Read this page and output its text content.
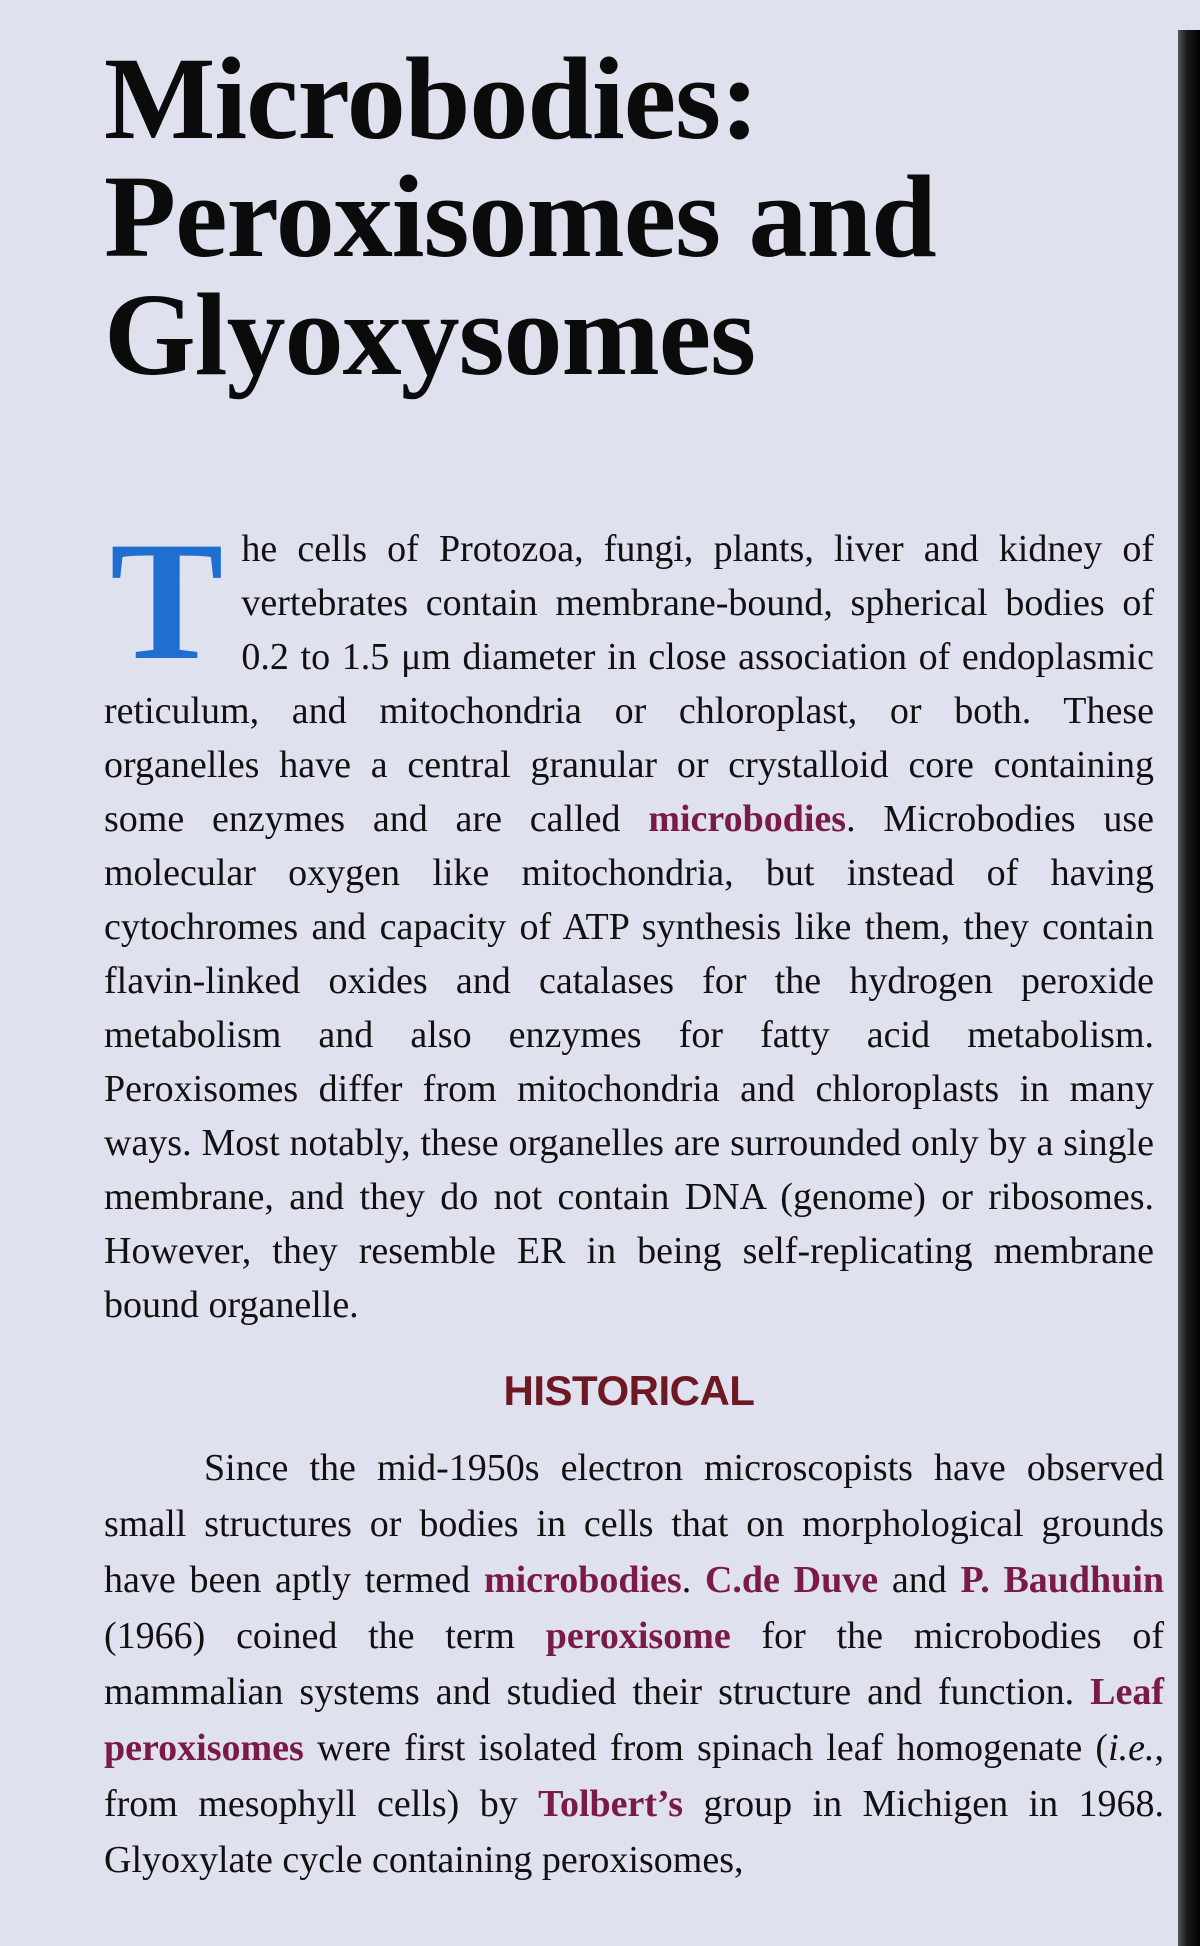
Microbodies:
Peroxisomes and
Glyoxysomes
The cells of Protozoa, fungi, plants, liver and kidney of vertebrates contain membrane-bound, spherical bodies of 0.2 to 1.5 μm diameter in close association of endoplasmic reticulum, and mitochondria or chloroplast, or both. These organelles have a central granular or crystalloid core containing some enzymes and are called microbodies. Microbodies use molecular oxygen like mitochondria, but instead of having cytochromes and capacity of ATP synthesis like them, they contain flavin-linked oxides and catalases for the hydrogen peroxide metabolism and also enzymes for fatty acid metabolism. Peroxisomes differ from mitochondria and chloroplasts in many ways. Most notably, these organelles are surrounded only by a single membrane, and they do not contain DNA (genome) or ribosomes. However, they resemble ER in being self-replicating membrane bound organelle.
HISTORICAL
Since the mid-1950s electron microscopists have observed small structures or bodies in cells that on morphological grounds have been aptly termed microbodies. C.de Duve and P. Baudhuin (1966) coined the term peroxisome for the microbodies of mammalian systems and studied their structure and function. Leaf peroxisomes were first isolated from spinach leaf homogenate (i.e., from mesophyll cells) by Tolbert’s group in Michigen in 1968. Glyoxylate cycle containing peroxisomes,
